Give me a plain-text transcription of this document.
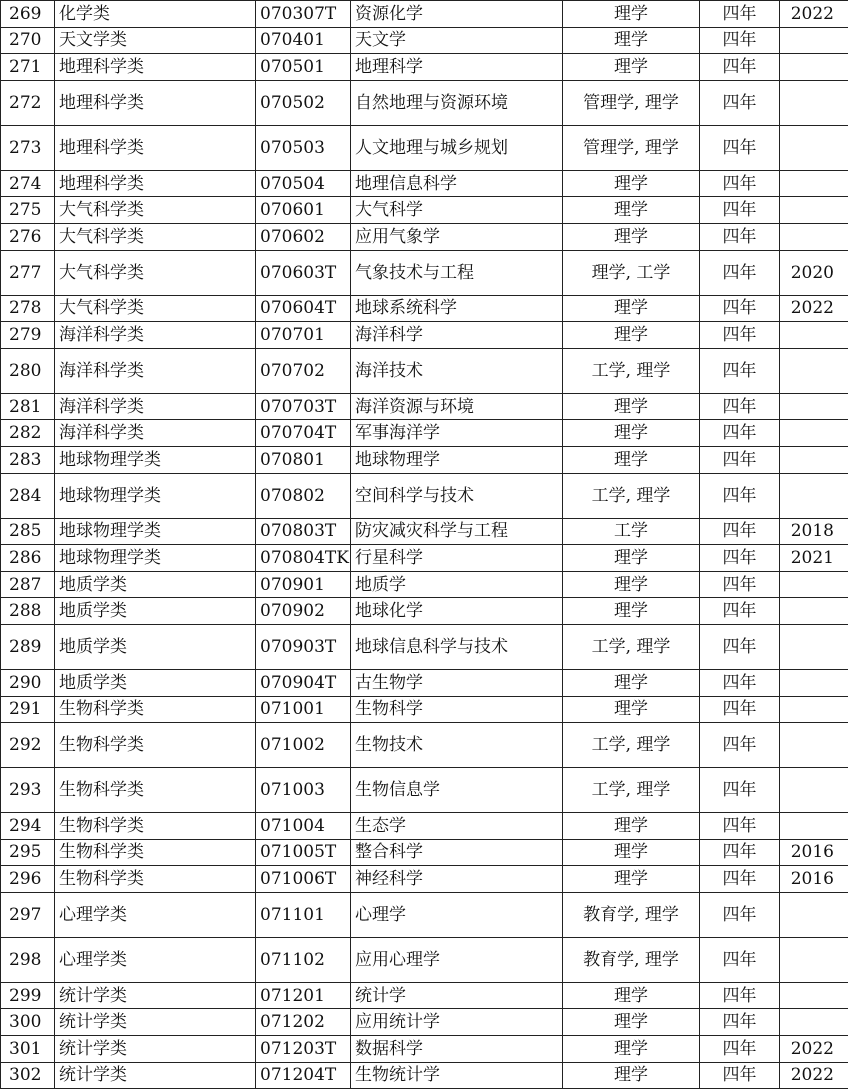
269	化学类	070307T	资源化学	理学	四年	2022
270	天文学类	070401	天文学	理学	四年	
271	地理科学类	070501	地理科学	理学	四年	
272	地理科学类	070502	自然地理与资源环境	管理学, 理学	四年	
273	地理科学类	070503	人文地理与城乡规划	管理学, 理学	四年	
274	地理科学类	070504	地理信息科学	理学	四年	
275	大气科学类	070601	大气科学	理学	四年	
276	大气科学类	070602	应用气象学	理学	四年	
277	大气科学类	070603T	气象技术与工程	理学, 工学	四年	2020
278	大气科学类	070604T	地球系统科学	理学	四年	2022
279	海洋科学类	070701	海洋科学	理学	四年	
280	海洋科学类	070702	海洋技术	工学, 理学	四年	
281	海洋科学类	070703T	海洋资源与环境	理学	四年	
282	海洋科学类	070704T	军事海洋学	理学	四年	
283	地球物理学类	070801	地球物理学	理学	四年	
284	地球物理学类	070802	空间科学与技术	工学, 理学	四年	
285	地球物理学类	070803T	防灾减灾科学与工程	工学	四年	2018
286	地球物理学类	070804TK	行星科学	理学	四年	2021
287	地质学类	070901	地质学	理学	四年	
288	地质学类	070902	地球化学	理学	四年	
289	地质学类	070903T	地球信息科学与技术	工学, 理学	四年	
290	地质学类	070904T	古生物学	理学	四年	
291	生物科学类	071001	生物科学	理学	四年	
292	生物科学类	071002	生物技术	工学, 理学	四年	
293	生物科学类	071003	生物信息学	工学, 理学	四年	
294	生物科学类	071004	生态学	理学	四年	
295	生物科学类	071005T	整合科学	理学	四年	2016
296	生物科学类	071006T	神经科学	理学	四年	2016
297	心理学类	071101	心理学	教育学, 理学	四年	
298	心理学类	071102	应用心理学	教育学, 理学	四年	
299	统计学类	071201	统计学	理学	四年	
300	统计学类	071202	应用统计学	理学	四年	
301	统计学类	071203T	数据科学	理学	四年	2022
302	统计学类	071204T	生物统计学	理学	四年	2022
